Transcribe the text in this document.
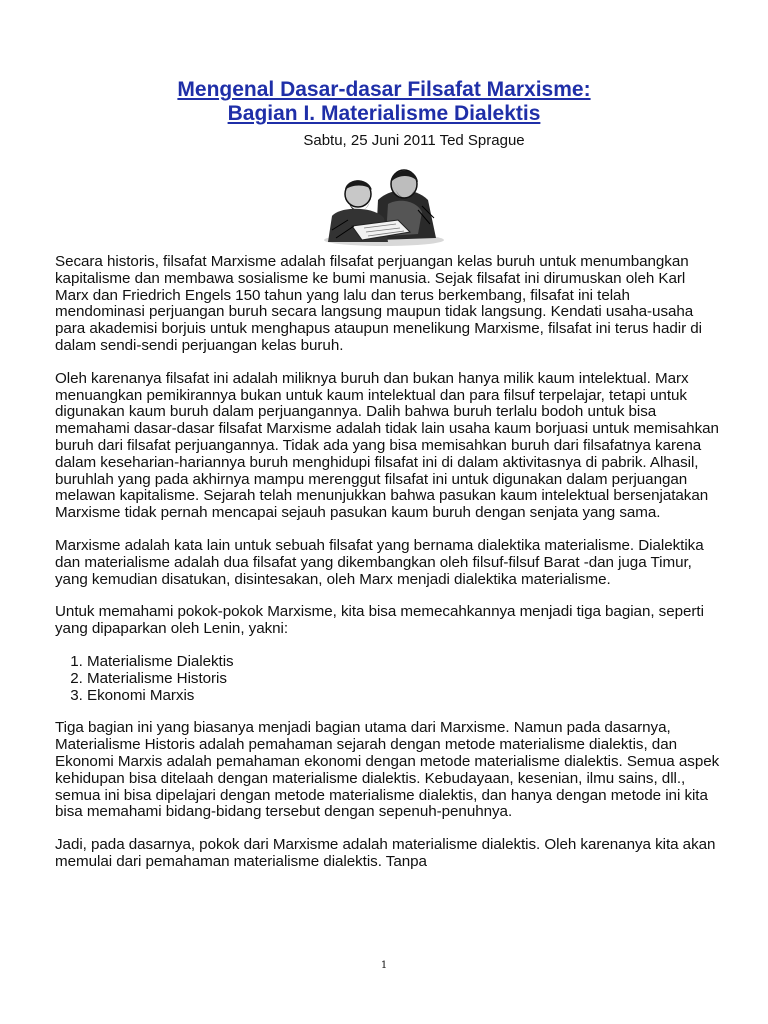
Mengenal Dasar-dasar Filsafat Marxisme:
Bagian I. Materialisme Dialektis
Sabtu, 25 Juni 2011 Ted Sprague

Secara historis, filsafat Marxisme adalah filsafat perjuangan kelas buruh untuk menumbangkan kapitalisme dan membawa sosialisme ke bumi manusia. Sejak filsafat ini dirumuskan oleh Karl Marx dan Friedrich Engels 150 tahun yang lalu dan terus berkembang, filsafat ini telah mendominasi perjuangan buruh secara langsung maupun tidak langsung. Kendati usaha-usaha para akademisi borjuis untuk menghapus ataupun menelikung Marxisme, filsafat ini terus hadir di dalam sendi-sendi perjuangan kelas buruh.

Oleh karenanya filsafat ini adalah miliknya buruh dan bukan hanya milik kaum intelektual. Marx menuangkan pemikirannya bukan untuk kaum intelektual dan para filsuf terpelajar, tetapi untuk digunakan kaum buruh dalam perjuangannya. Dalih bahwa buruh terlalu bodoh untuk bisa memahami dasar-dasar filsafat Marxisme adalah tidak lain usaha kaum borjuasi untuk memisahkan buruh dari filsafat perjuangannya. Tidak ada yang bisa memisahkan buruh dari filsafatnya karena dalam keseharian-hariannya buruh menghidupi filsafat ini di dalam aktivitasnya di pabrik. Alhasil, buruhlah yang pada akhirnya mampu merenggut filsafat ini untuk digunakan dalam perjuangan melawan kapitalisme. Sejarah telah menunjukkan bahwa pasukan kaum intelektual bersenjatakan Marxisme tidak pernah mencapai sejauh pasukan kaum buruh dengan senjata yang sama.

Marxisme adalah kata lain untuk sebuah filsafat yang bernama dialektika materialisme. Dialektika dan materialisme adalah dua filsafat yang dikembangkan oleh filsuf-filsuf Barat -dan juga Timur, yang kemudian disatukan, disintesakan, oleh Marx menjadi dialektika materialisme.

Untuk memahami pokok-pokok Marxisme, kita bisa memecahkannya menjadi tiga bagian, seperti yang dipaparkan oleh Lenin, yakni:

1. Materialisme Dialektis
2. Materialisme Historis
3. Ekonomi Marxis

Tiga bagian ini yang biasanya menjadi bagian utama dari Marxisme. Namun pada dasarnya, Materialisme Historis adalah pemahaman sejarah dengan metode materialisme dialektis, dan Ekonomi Marxis adalah pemahaman ekonomi dengan metode materialisme dialektis. Semua aspek kehidupan bisa ditelaah dengan materialisme dialektis. Kebudayaan, kesenian, ilmu sains, dll., semua ini bisa dipelajari dengan metode materialisme dialektis, dan hanya dengan metode ini kita bisa memahami bidang-bidang tersebut dengan sepenuh-penuhnya.

Jadi, pada dasarnya, pokok dari Marxisme adalah materialisme dialektis. Oleh karenanya kita akan memulai dari pemahaman materialisme dialektis. Tanpa

1
